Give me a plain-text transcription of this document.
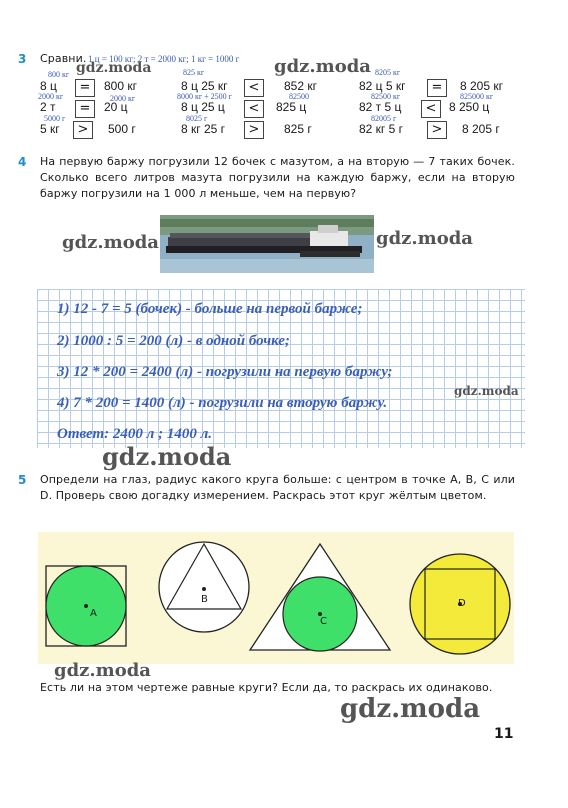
3 Сравни. 1 ц = 100 кг; 2 т = 2000 кг; 1 кг = 1000 г
800 кг	825 кг	8205 кг
8 ц	=	800 кг	8 ц 25 кг	<	852 кг	82 ц 5 кг	=	8 205 кг
2000 кг	2000 кг	8000 кг + 2500 г	82500	82500 кг	825000 кг
2 т	=	20 ц	8 ц 25 ц	<	825 ц	82 т 5 ц	<	8 250 ц
5000 г	8025 г	82005 г
5 кг	>	500 г	8 кг 25 г	>	825 г	82 кг 5 г	>	8 205 г
gdz.moda	gdz.moda
4 На первую баржу погрузили 12 бочек с мазутом, а на вторую — 7 таких бочек. Сколько всего литров мазута погрузили на каждую баржу, если на вторую баржу погрузили на 1 000 л меньше, чем на первую?
gdz.moda	gdz.moda
1) 12 - 7 = 5 (бочек) - больше на первой барже;
2) 1000 : 5 = 200 (л) - в одной бочке;
3) 12 * 200 = 2400 (л) - погрузили на первую баржу;
4) 7 * 200 = 1400 (л) - погрузили на вторую баржу.
Ответ: 2400 л ; 1400 л.
gdz.moda
gdz.moda
5 Определи на глаз, радиус какого круга больше: с центром в точке A, B, C или D. Проверь свою догадку измерением. Раскрась этот круг жёлтым цветом.
A
B
C
D
gdz.moda
Есть ли на этом чертеже равные круги? Если да, то раскрась их одинаково.
gdz.moda
11
